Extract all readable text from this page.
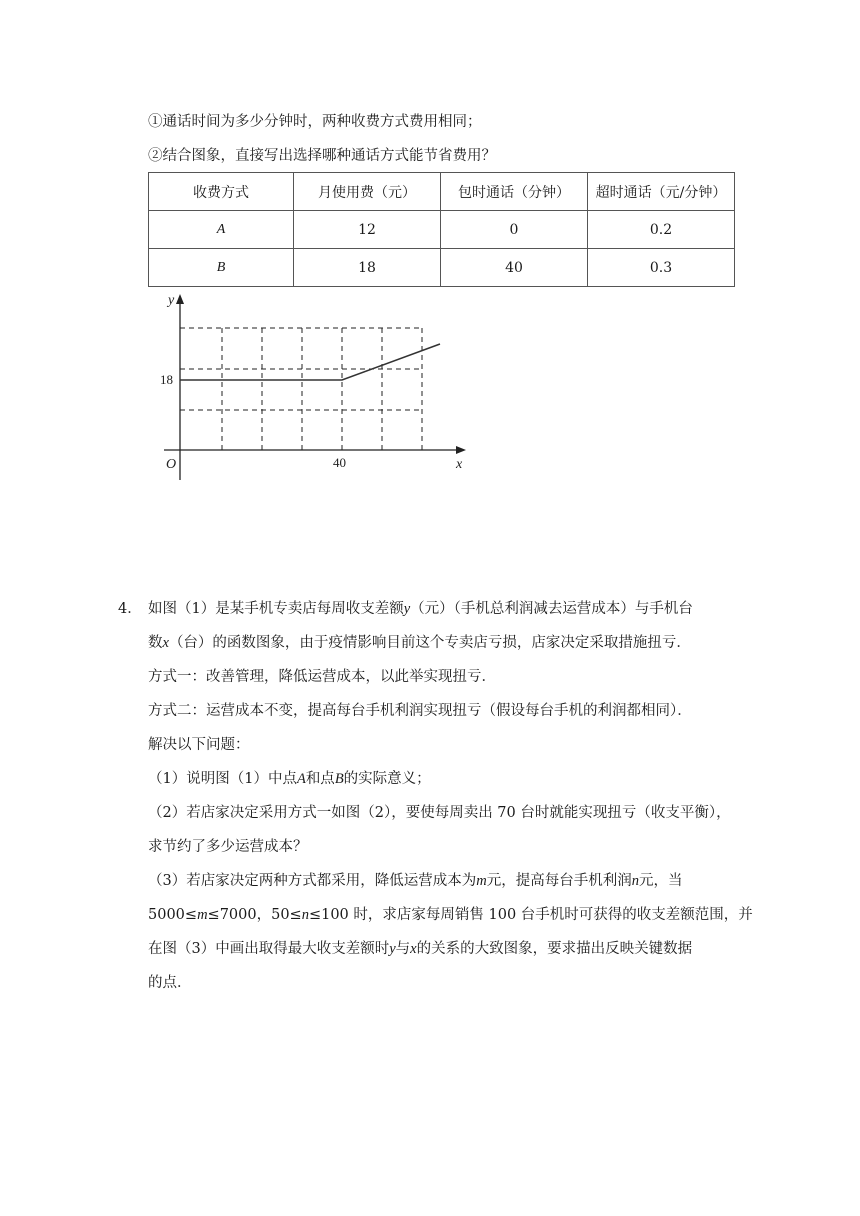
①通话时间为多少分钟时，两种收费方式费用相同；
②结合图象，直接写出选择哪种通话方式能节省费用？
收费方式	月使用费（元）	包时通话（分钟）	超时通话（元/分钟）
A	12	0	0.2
B	18	40	0.3
y
x
O
18
40
如图（1）是某手机专卖店每周收支差额y（元）（手机总利润减去运营成本）与手机台
数x（台）的函数图象，由于疫情影响目前这个专卖店亏损，店家决定采取措施扭亏．
方式一：改善管理，降低运营成本，以此举实现扭亏．
方式二：运营成本不变，提高每台手机利润实现扭亏（假设每台手机的利润都相同）．
解决以下问题：
（1）说明图（1）中点A和点B的实际意义；
（2）若店家决定采用方式一如图（2），要使每周卖出 70 台时就能实现扭亏（收支平衡），
求节约了多少运营成本？
（3）若店家决定两种方式都采用，降低运营成本为m元，提高每台手机利润n元，当
5000≤m≤7000，50≤n≤100 时，求店家每周销售 100 台手机时可获得的收支差额范围，并
在图（3）中画出取得最大收支差额时y与x的关系的大致图象，要求描出反映关键数据
的点．
4．
